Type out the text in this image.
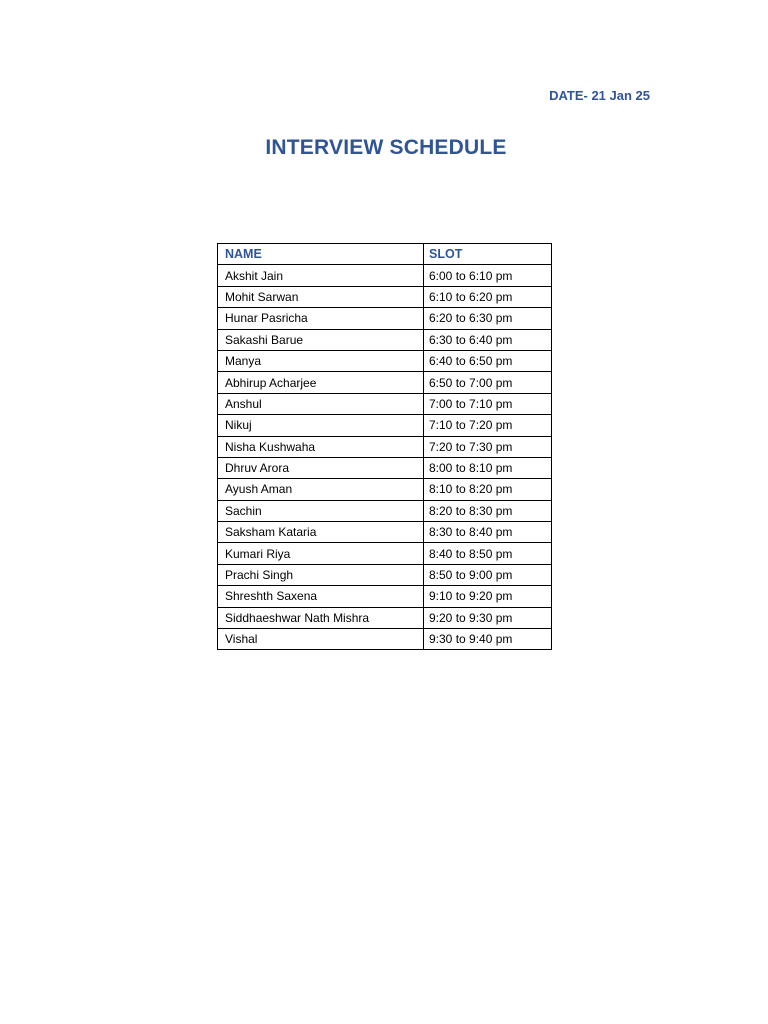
DATE- 21 Jan 25
INTERVIEW SCHEDULE
NAME	SLOT
Akshit Jain	6:00 to 6:10 pm
Mohit Sarwan	6:10 to 6:20 pm
Hunar Pasricha	6:20 to 6:30 pm
Sakashi Barue	6:30 to 6:40 pm
Manya	6:40 to 6:50 pm
Abhirup Acharjee	6:50 to 7:00 pm
Anshul	7:00 to 7:10 pm
Nikuj	7:10 to 7:20 pm
Nisha Kushwaha	7:20 to 7:30 pm
Dhruv Arora	8:00 to 8:10 pm
Ayush Aman	8:10 to 8:20 pm
Sachin	8:20 to 8:30 pm
Saksham Kataria	8:30 to 8:40 pm
Kumari Riya	8:40 to 8:50 pm
Prachi Singh	8:50 to 9:00 pm
Shreshth Saxena	9:10 to 9:20 pm
Siddhaeshwar Nath Mishra	9:20 to 9:30 pm
Vishal	9:30 to 9:40 pm
